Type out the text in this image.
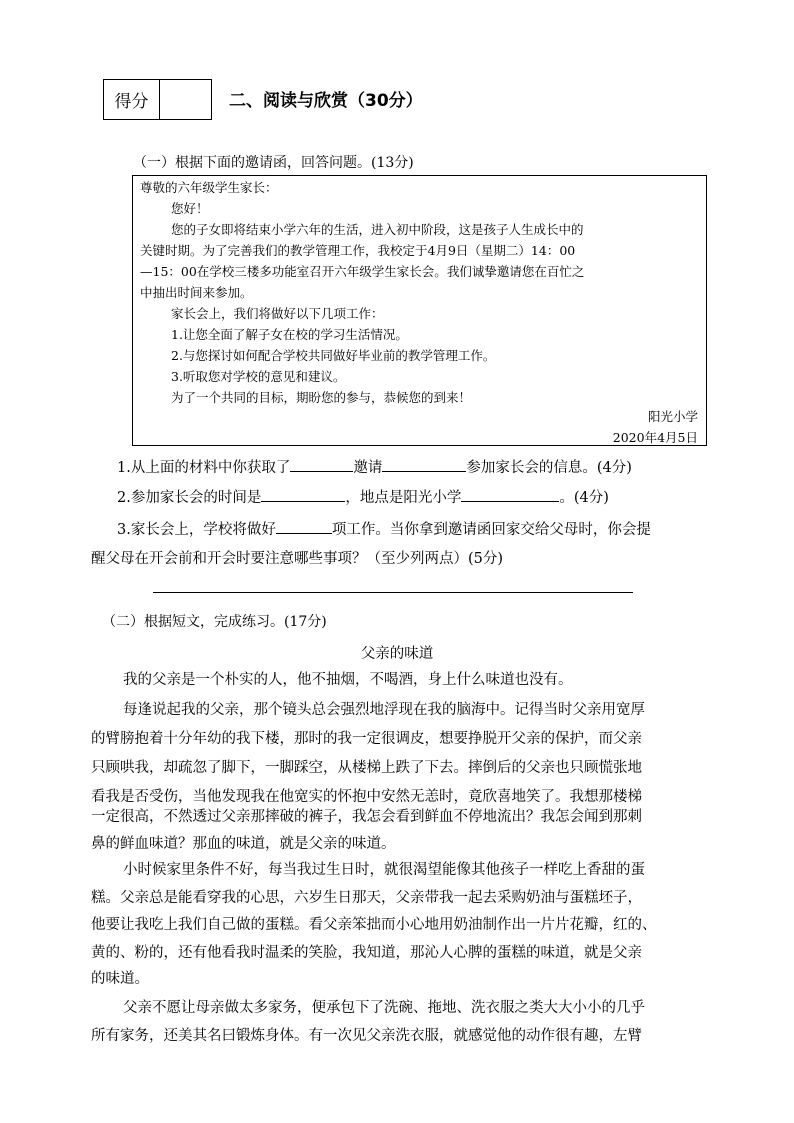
得分	二、阅读与欣赏（30分）
（一）根据下面的邀请函，回答问题。(13分)
尊敬的六年级学生家长：
您好！
您的子女即将结束小学六年的生活，进入初中阶段，这是孩子人生成长中的
关键时期。为了完善我们的教学管理工作，我校定于4月9日（星期二）14：00
—15：00在学校三楼多功能室召开六年级学生家长会。我们诚挚邀请您在百忙之
中抽出时间来参加。
家长会上，我们将做好以下几项工作：
1.让您全面了解子女在校的学习生活情况。
2.与您探讨如何配合学校共同做好毕业前的教学管理工作。
3.听取您对学校的意见和建议。
为了一个共同的目标，期盼您的参与，恭候您的到来！
阳光小学
2020年4月5日
1.从上面的材料中你获取了	邀请	参加家长会的信息。(4分)
2.参加家长会的时间是	，地点是阳光小学	。(4分)
3.家长会上，学校将做好	项工作。当你拿到邀请函回家交给父母时，你会提
醒父母在开会前和开会时要注意哪些事项？（至少列两点）(5分)
（二）根据短文，完成练习。(17分)
父亲的味道
我的父亲是一个朴实的人，他不抽烟，不喝酒，身上什么味道也没有。
每逢说起我的父亲，那个镜头总会强烈地浮现在我的脑海中。记得当时父亲用宽厚
的臂膀抱着十分年幼的我下楼，那时的我一定很调皮，想要挣脱开父亲的保护，而父亲
只顾哄我，却疏忽了脚下，一脚踩空，从楼梯上跌了下去。摔倒后的父亲也只顾慌张地
看我是否受伤，当他发现我在他宽实的怀抱中安然无恙时，竟欣喜地笑了。我想那楼梯
一定很高，不然透过父亲那摔破的裤子，我怎会看到鲜血不停地流出？我怎会闻到那刺
鼻的鲜血味道？那血的味道，就是父亲的味道。
小时候家里条件不好，每当我过生日时，就很渴望能像其他孩子一样吃上香甜的蛋
糕。父亲总是能看穿我的心思，六岁生日那天，父亲带我一起去采购奶油与蛋糕坯子，
他要让我吃上我们自己做的蛋糕。看父亲笨拙而小心地用奶油制作出一片片花瓣，红的、
黄的、粉的，还有他看我时温柔的笑脸，我知道，那沁人心脾的蛋糕的味道，就是父亲
的味道。
父亲不愿让母亲做太多家务，便承包下了洗碗、拖地、洗衣服之类大大小小的几乎
所有家务，还美其名曰锻炼身体。有一次见父亲洗衣服，就感觉他的动作很有趣，左臂
